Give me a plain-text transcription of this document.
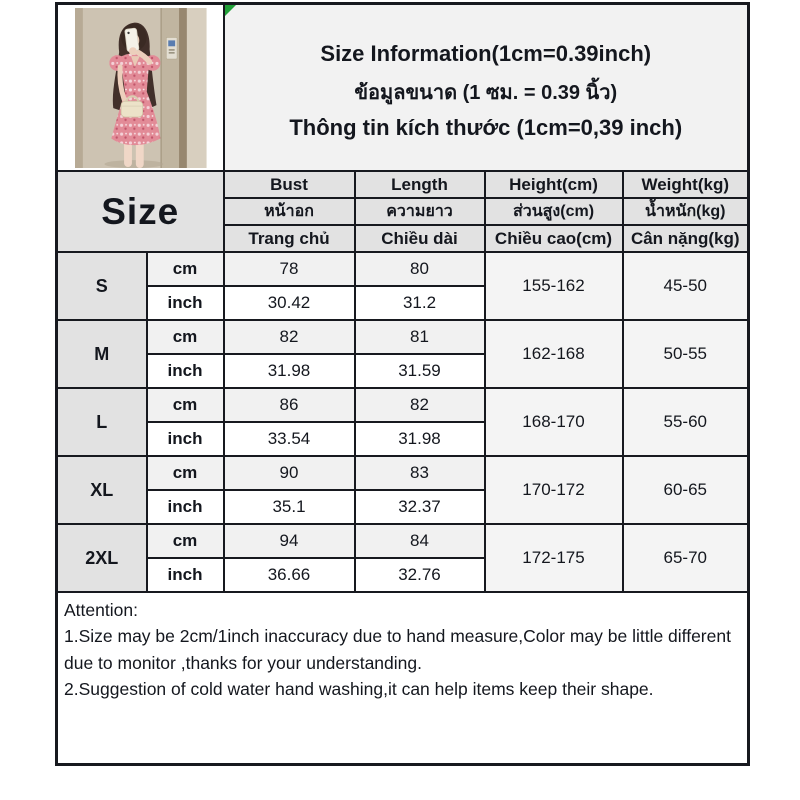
Size Information(1cm=0.39inch)
ข้อมูลขนาด (1 ซม. = 0.39 นิ้ว)
Thông tin kích thước (1cm=0,39 inch)			

Size		Bust	Length	Height(cm)	Weight(kg)
		หน้าอก	ความยาว	ส่วนสูง(cm)	น้ำหนัก(kg)
		Trang chủ	Chiều dài	Chiều cao(cm)	Cân nặng(kg)
S	cm	78	80	155-162	45-50
	inch	30.42	31.2		
M	cm	82	81	162-168	50-55
	inch	31.98	31.59		
L	cm	86	82	168-170	55-60
	inch	33.54	31.98		
XL	cm	90	83	170-172	60-65
	inch	35.1	32.37		
2XL	cm	94	84	172-175	65-70
	inch	36.66	32.76		

Attention:
1.Size may be 2cm/1inch inaccuracy due to hand measure,Color may be little different due to monitor ,thanks for your understanding.
2.Suggestion of cold water hand washing,it can help items keep their shape.					
